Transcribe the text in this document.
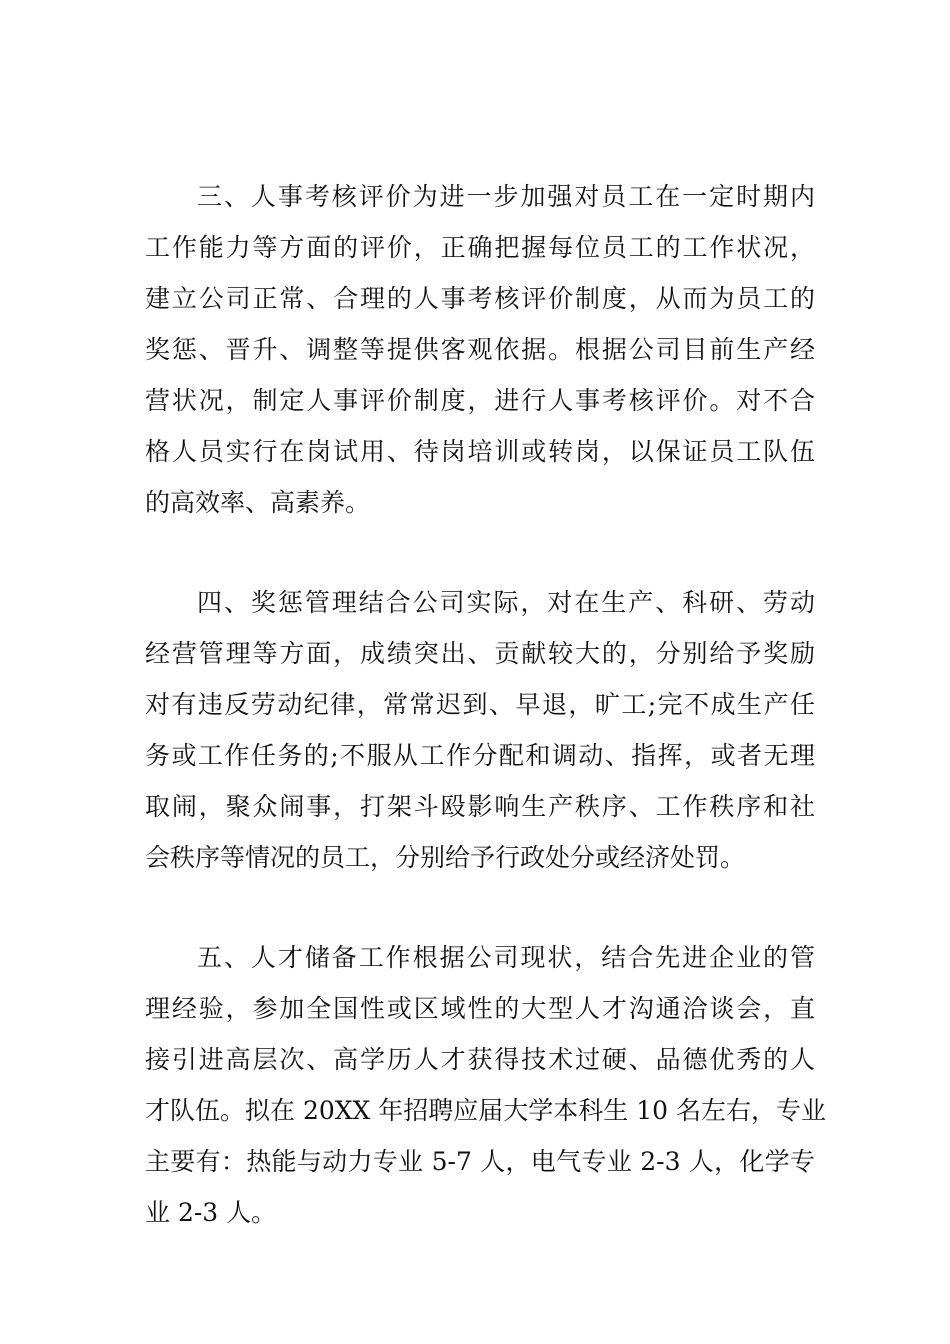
三、人事考核评价为进一步加强对员工在一定时期内
工作能力等方面的评价，正确把握每位员工的工作状况，
建立公司正常、合理的人事考核评价制度，从而为员工的
奖惩、晋升、调整等提供客观依据。根据公司目前生产经
营状况，制定人事评价制度，进行人事考核评价。对不合
格人员实行在岗试用、待岗培训或转岗，以保证员工队伍
的高效率、高素养。
四、奖惩管理结合公司实际，对在生产、科研、劳动
经营管理等方面，成绩突出、贡献较大的，分别给予奖励
对有违反劳动纪律，常常迟到、早退，旷工;完不成生产任
务或工作任务的;不服从工作分配和调动、指挥，或者无理
取闹，聚众闹事，打架斗殴影响生产秩序、工作秩序和社
会秩序等情况的员工，分别给予行政处分或经济处罚。
五、人才储备工作根据公司现状，结合先进企业的管
理经验，参加全国性或区域性的大型人才沟通洽谈会，直
接引进高层次、高学历人才获得技术过硬、品德优秀的人
才队伍。拟在 20XX 年招聘应届大学本科生 10 名左右，专业
主要有：热能与动力专业 5-7 人，电气专业 2-3 人，化学专
业 2-3 人。
